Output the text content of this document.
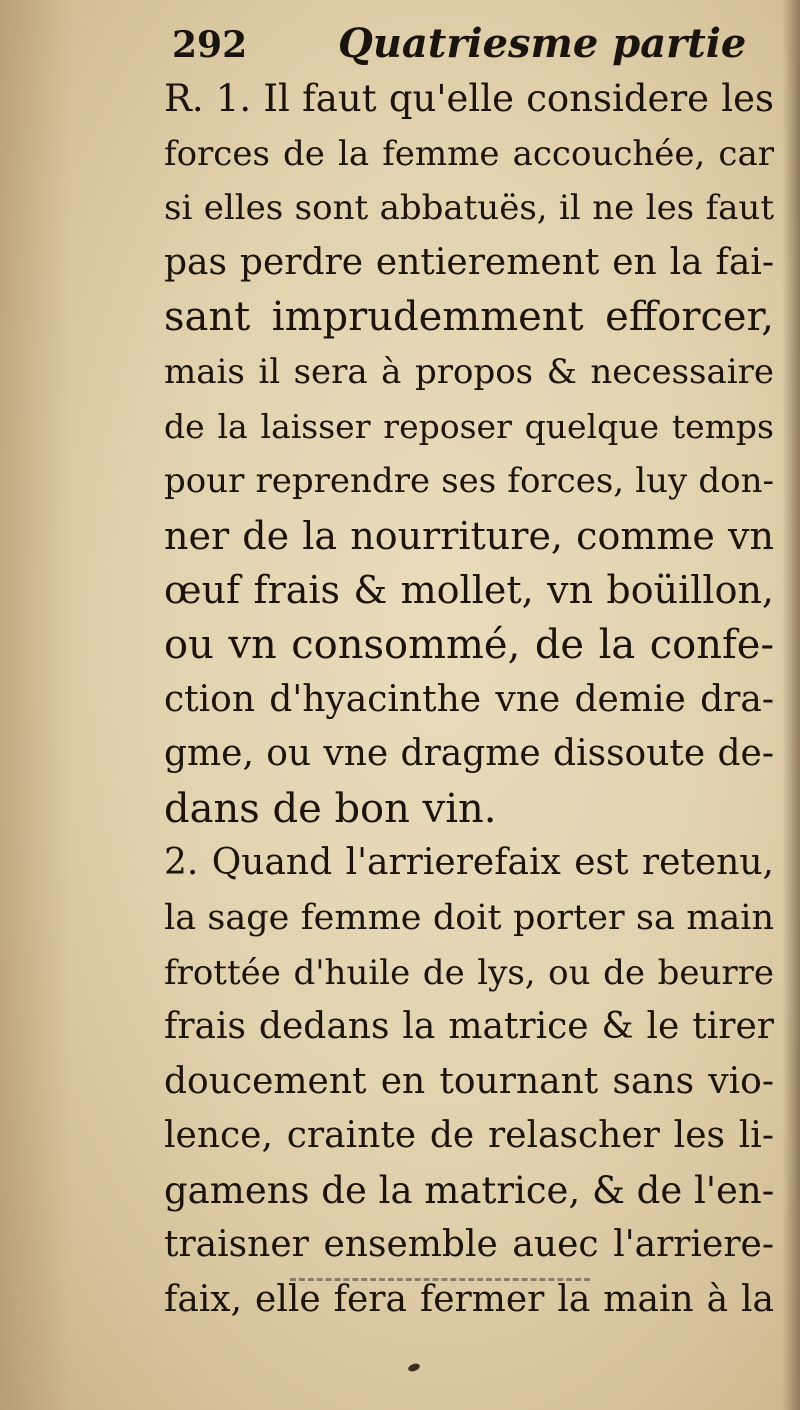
292 Quatriesme partie
R. 1. Il faut qu'elle considere les
forces de la femme accouchée, car
si elles sont abbatuës, il ne les faut
pas perdre entierement en la fai-
sant imprudemment efforcer,
mais il sera à propos & necessaire
de la laisser reposer quelque temps
pour reprendre ses forces, luy don-
ner de la nourriture, comme vn
œuf frais & mollet, vn boüillon,
ou vn consommé, de la confe-
ction d'hyacinthe vne demie dra-
gme, ou vne dragme dissoute de-
dans de bon vin.
2. Quand l'arrierefaix est retenu,
la sage femme doit porter sa main
frottée d'huile de lys, ou de beurre
frais dedans la matrice & le tirer
doucement en tournant sans vio-
lence, crainte de relascher les li-
gamens de la matrice, & de l'en-
traisner ensemble auec l'arriere-
faix, elle fera fermer la main à la
